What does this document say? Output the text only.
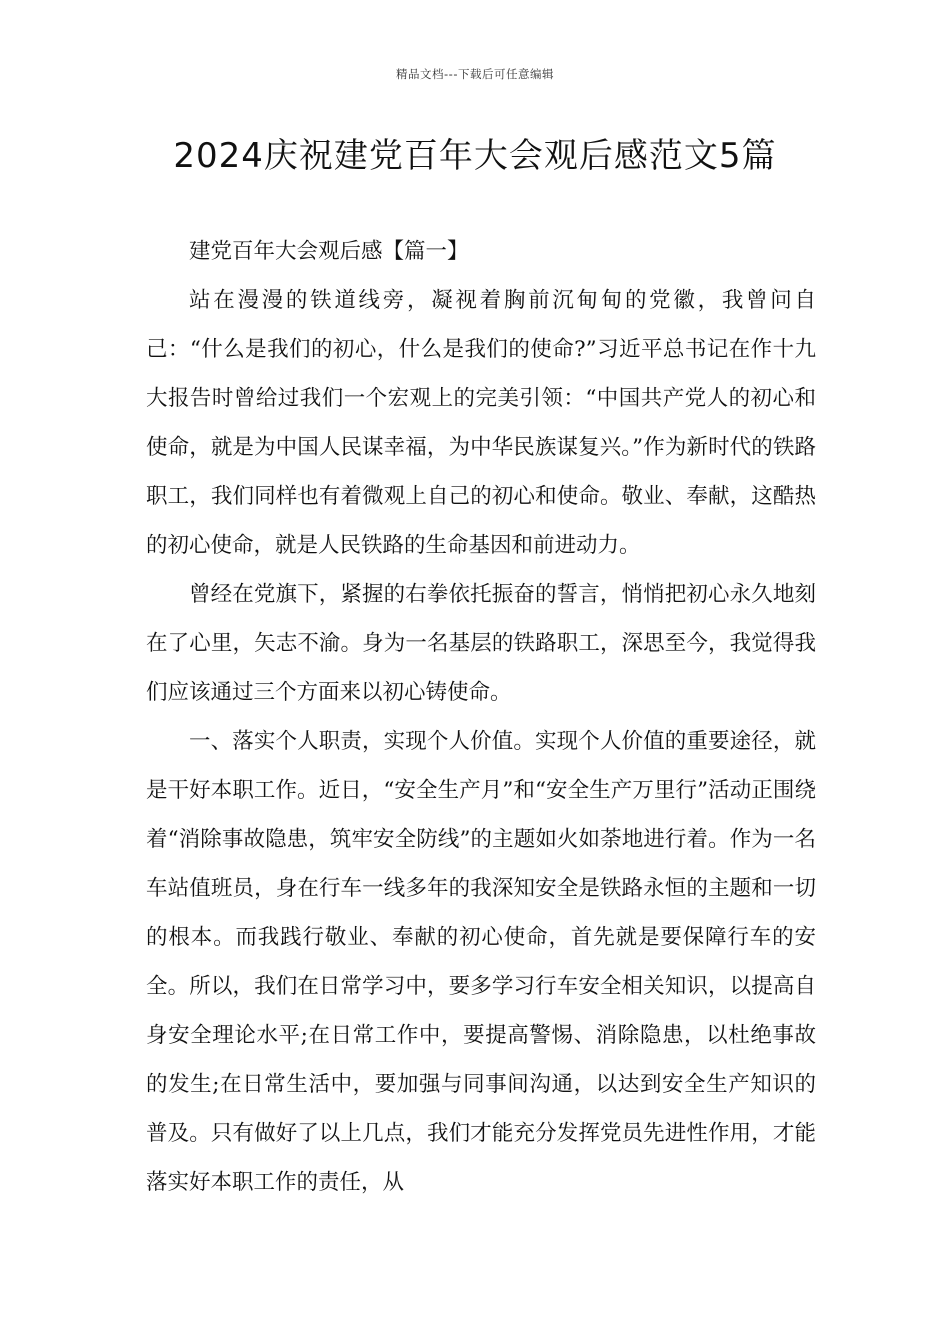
精品文档---下载后可任意编辑
2024庆祝建党百年大会观后感范文5篇

建党百年大会观后感【篇一】

站在漫漫的铁道线旁，凝视着胸前沉甸甸的党徽，我曾问自己：“什么是我们的初心，什么是我们的使命?”习近平总书记在作十九大报告时曾给过我们一个宏观上的完美引领：“中国共产党人的初心和使命，就是为中国人民谋幸福，为中华民族谋复兴。”作为新时代的铁路职工，我们同样也有着微观上自己的初心和使命。敬业、奉献，这酷热的初心使命，就是人民铁路的生命基因和前进动力。

曾经在党旗下，紧握的右拳依托振奋的誓言，悄悄把初心永久地刻在了心里，矢志不渝。身为一名基层的铁路职工，深思至今，我觉得我们应该通过三个方面来以初心铸使命。

一、落实个人职责，实现个人价值。实现个人价值的重要途径，就是干好本职工作。近日，“安全生产月”和“安全生产万里行”活动正围绕着“消除事故隐患，筑牢安全防线”的主题如火如荼地进行着。作为一名车站值班员，身在行车一线多年的我深知安全是铁路永恒的主题和一切的根本。而我践行敬业、奉献的初心使命，首先就是要保障行车的安全。所以，我们在日常学习中，要多学习行车安全相关知识，以提高自身安全理论水平;在日常工作中，要提高警惕、消除隐患，以杜绝事故的发生;在日常生活中，要加强与同事间沟通，以达到安全生产知识的普及。只有做好了以上几点，我们才能充分发挥党员先进性作用，才能落实好本职工作的责任，从
